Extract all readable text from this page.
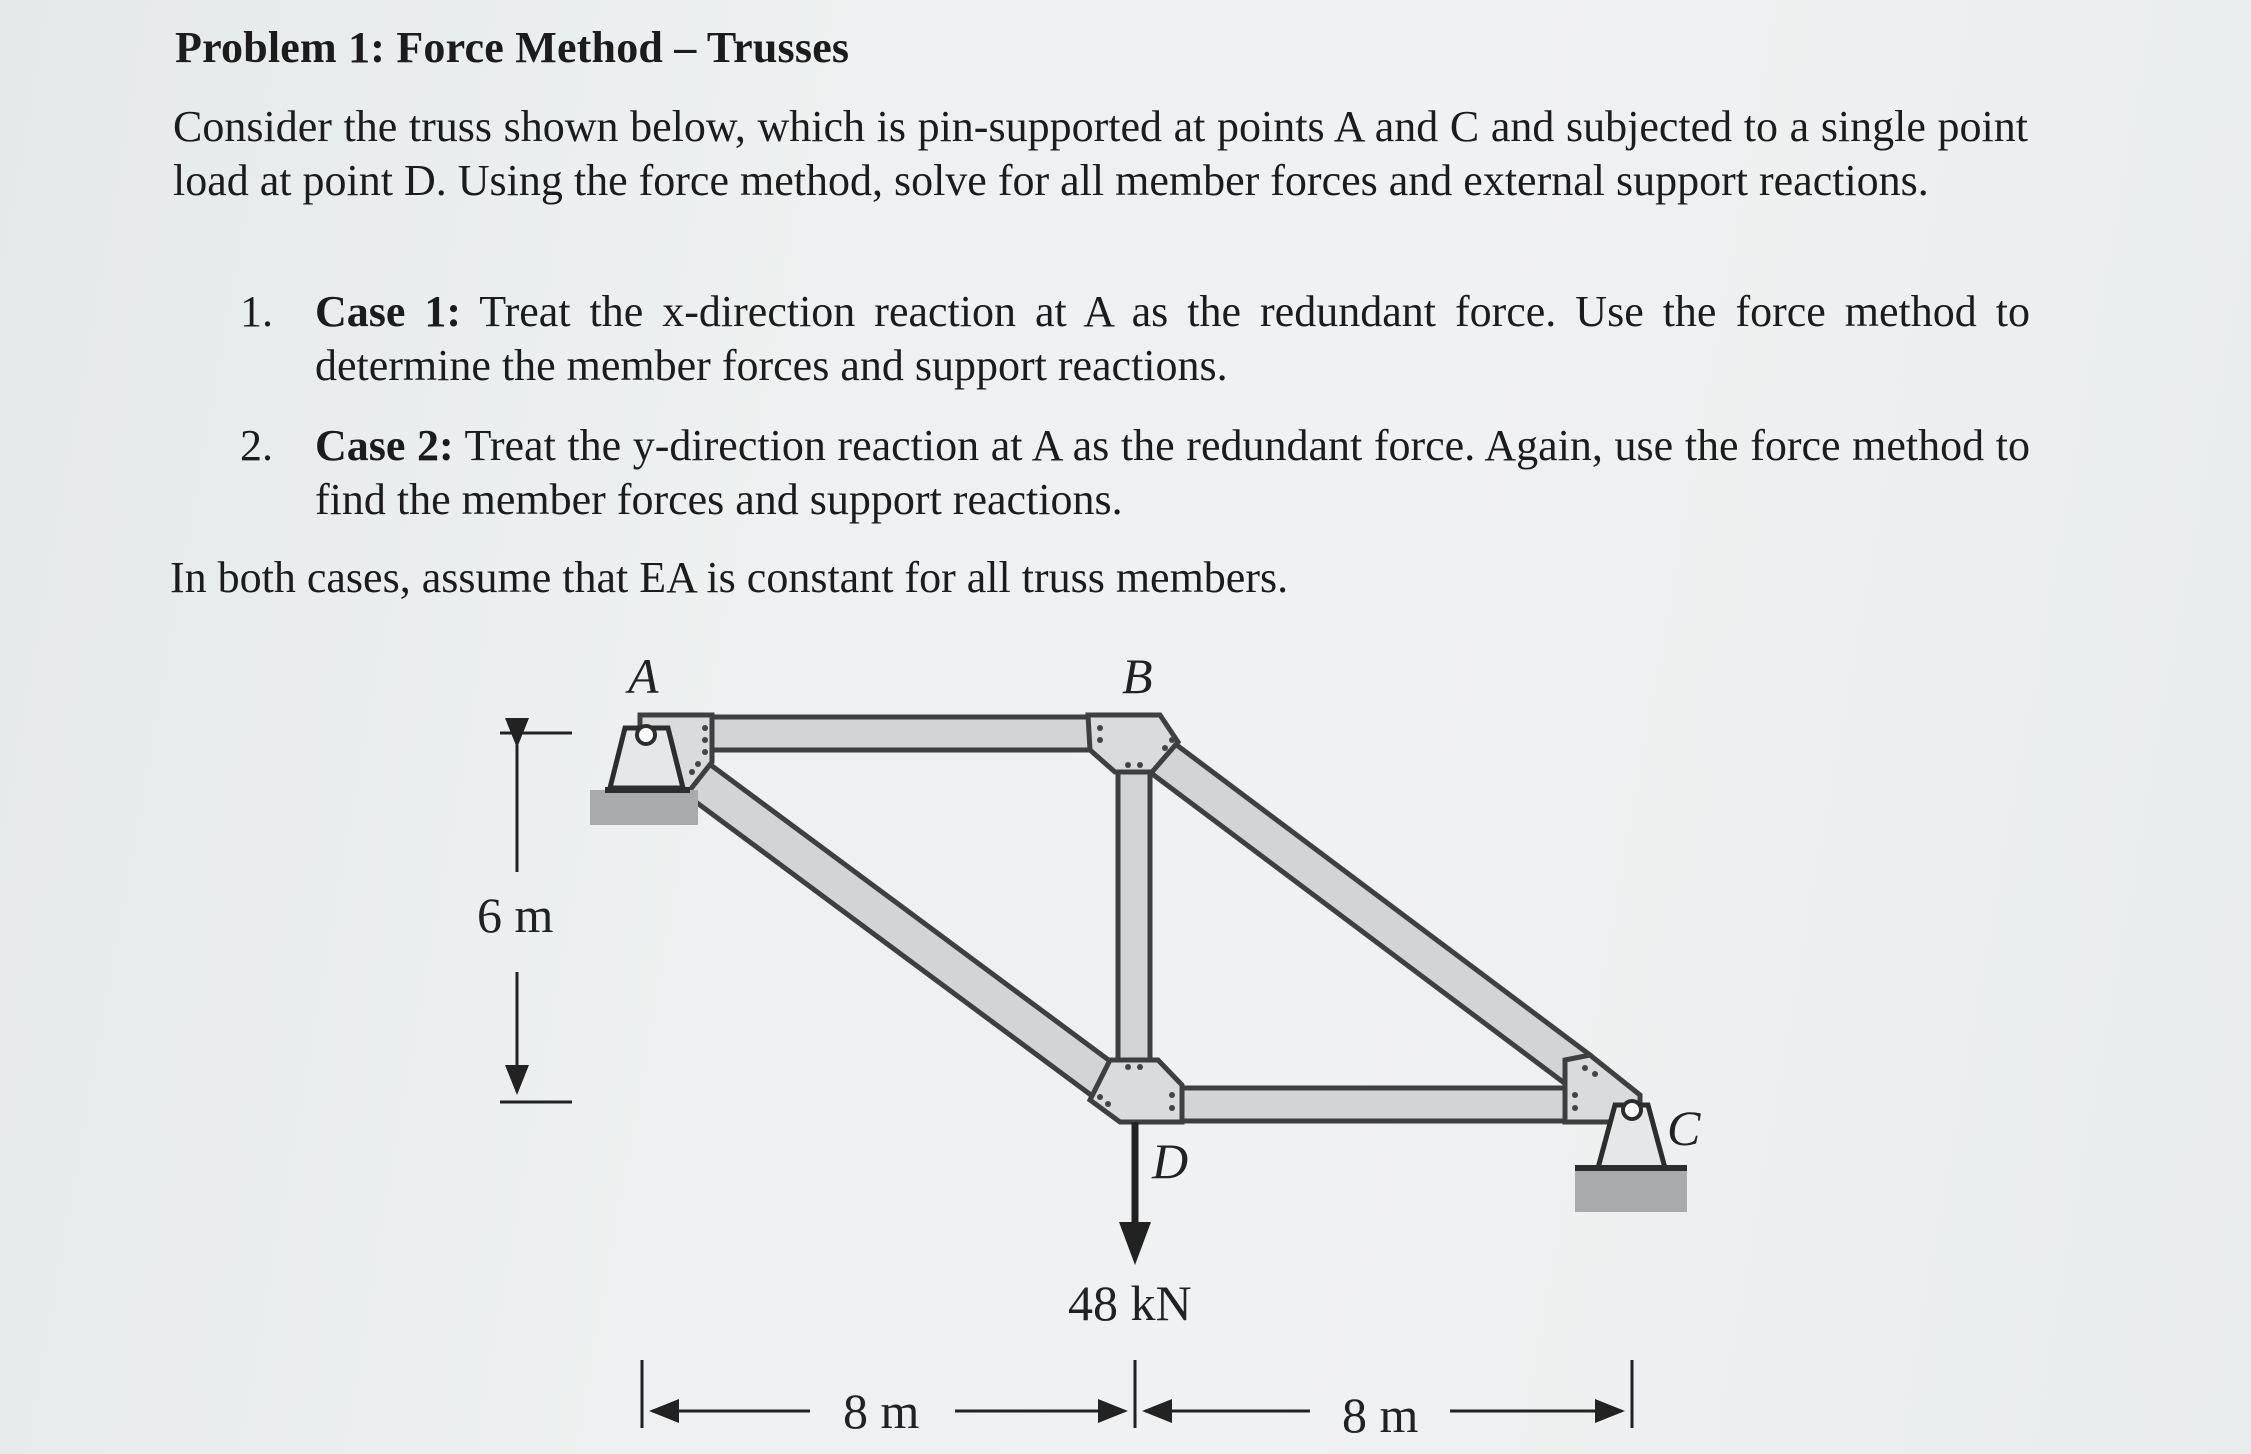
Problem 1: Force Method – Trusses
Consider the truss shown below, which is pin-supported at points A and C and subjected to a single point load at point D. Using the force method, solve for all member forces and external support reactions.
1. Case 1: Treat the x-direction reaction at A as the redundant force. Use the force method to determine the member forces and support reactions.
2. Case 2: Treat the y-direction reaction at A as the redundant force. Again, use the force method to find the member forces and support reactions.
In both cases, assume that EA is constant for all truss members.
A	B
C
D
48 kN
6 m
8 m	8 m
